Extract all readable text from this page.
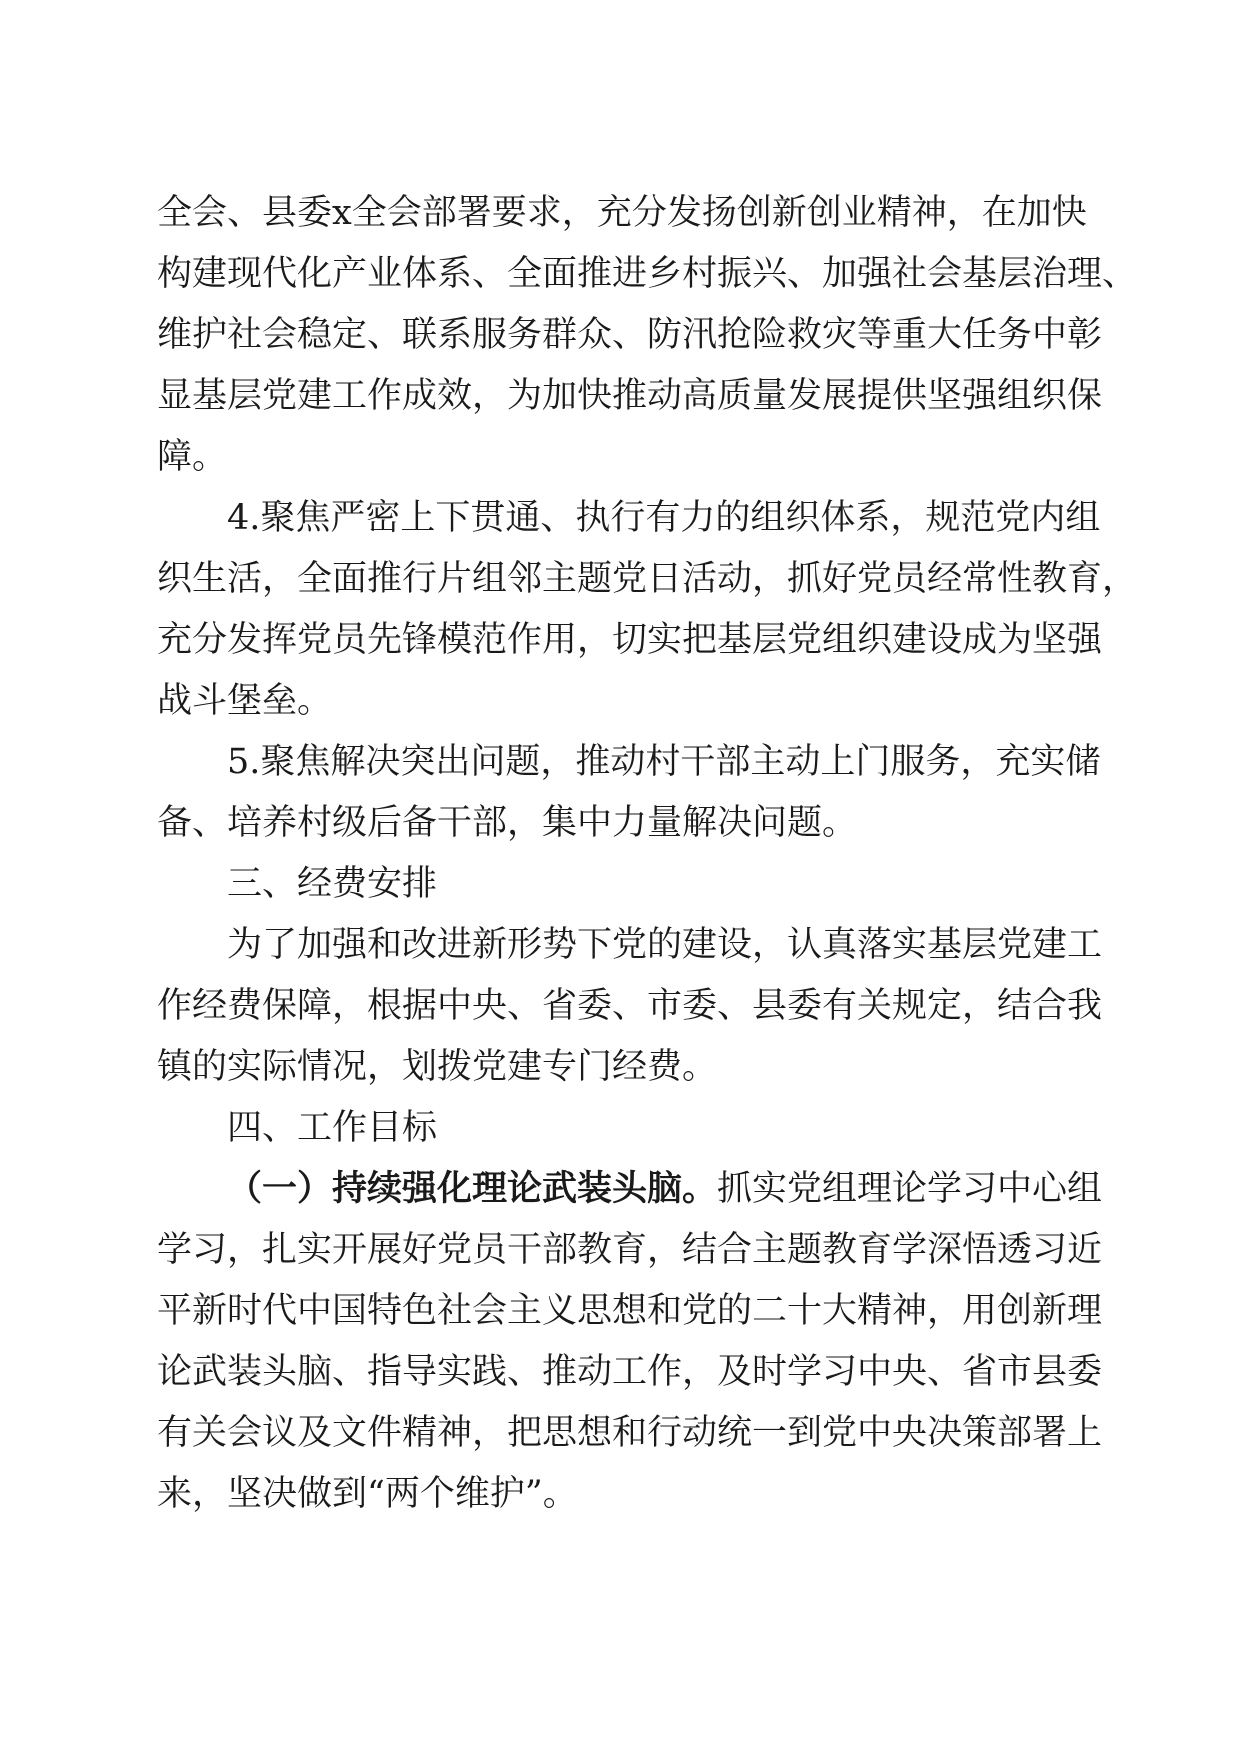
全会、县委x全会部署要求，充分发扬创新创业精神，在加快
构建现代化产业体系、全面推进乡村振兴、加强社会基层治理、
维护社会稳定、联系服务群众、防汛抢险救灾等重大任务中彰
显基层党建工作成效，为加快推动高质量发展提供坚强组织保
障。
4.聚焦严密上下贯通、执行有力的组织体系，规范党内组
织生活，全面推行片组邻主题党日活动，抓好党员经常性教育，
充分发挥党员先锋模范作用，切实把基层党组织建设成为坚强
战斗堡垒。
5.聚焦解决突出问题，推动村干部主动上门服务，充实储
备、培养村级后备干部，集中力量解决问题。
三、经费安排
为了加强和改进新形势下党的建设，认真落实基层党建工
作经费保障，根据中央、省委、市委、县委有关规定，结合我
镇的实际情况，划拨党建专门经费。
四、工作目标
（一）持续强化理论武装头脑。抓实党组理论学习中心组
学习，扎实开展好党员干部教育，结合主题教育学深悟透习近
平新时代中国特色社会主义思想和党的二十大精神，用创新理
论武装头脑、指导实践、推动工作，及时学习中央、省市县委
有关会议及文件精神，把思想和行动统一到党中央决策部署上
来，坚决做到“两个维护”。
